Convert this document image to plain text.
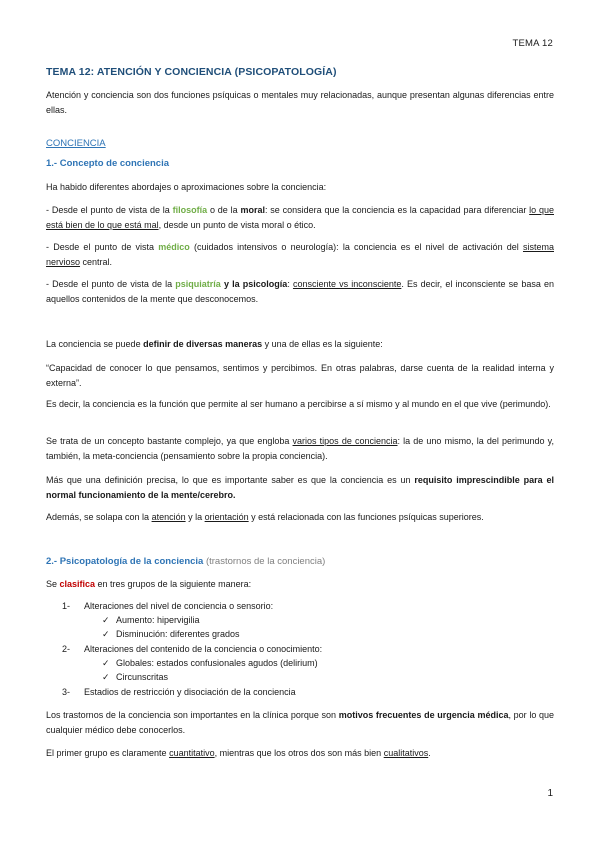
TEMA 12
TEMA 12: ATENCIÓN Y CONCIENCIA (PSICOPATOLOGÍA)

Atención y conciencia son dos funciones psíquicas o mentales muy relacionadas, aunque presentan algunas diferencias entre ellas.

CONCIENCIA
1.- Concepto de conciencia

Ha habido diferentes abordajes o aproximaciones sobre la conciencia:

- Desde el punto de vista de la filosofía o de la moral: se considera que la conciencia es la capacidad para diferenciar lo que está bien de lo que está mal, desde un punto de vista moral o ético.

- Desde el punto de vista médico (cuidados intensivos o neurología): la conciencia es el nivel de activación del sistema nervioso central.

- Desde el punto de vista de la psiquiatría y la psicología: consciente vs inconsciente. Es decir, el inconsciente se basa en aquellos contenidos de la mente que desconocemos.

La conciencia se puede definir de diversas maneras y una de ellas es la siguiente:

“Capacidad de conocer lo que pensamos, sentimos y percibimos. En otras palabras, darse cuenta de la realidad interna y externa”.

Es decir, la conciencia es la función que permite al ser humano a percibirse a sí mismo y al mundo en el que vive (perimundo).

Se trata de un concepto bastante complejo, ya que engloba varios tipos de conciencia: la de uno mismo, la del perimundo y, también, la meta-conciencia (pensamiento sobre la propia conciencia).

Más que una definición precisa, lo que es importante saber es que la conciencia es un requisito imprescindible para el normal funcionamiento de la mente/cerebro.

Además, se solapa con la atención y la orientación y está relacionada con las funciones psíquicas superiores.

2.- Psicopatología de la conciencia (trastornos de la conciencia)

Se clasifica en tres grupos de la siguiente manera:

1- Alteraciones del nivel de conciencia o sensorio:
✓ Aumento: hipervigilia
✓ Disminución: diferentes grados
2- Alteraciones del contenido de la conciencia o conocimiento:
✓ Globales: estados confusionales agudos (delirium)
✓ Circunscritas
3- Estadios de restricción y disociación de la conciencia

Los trastornos de la conciencia son importantes en la clínica porque son motivos frecuentes de urgencia médica, por lo que cualquier médico debe conocerlos.

El primer grupo es claramente cuantitativo, mientras que los otros dos son más bien cualitativos.

1
